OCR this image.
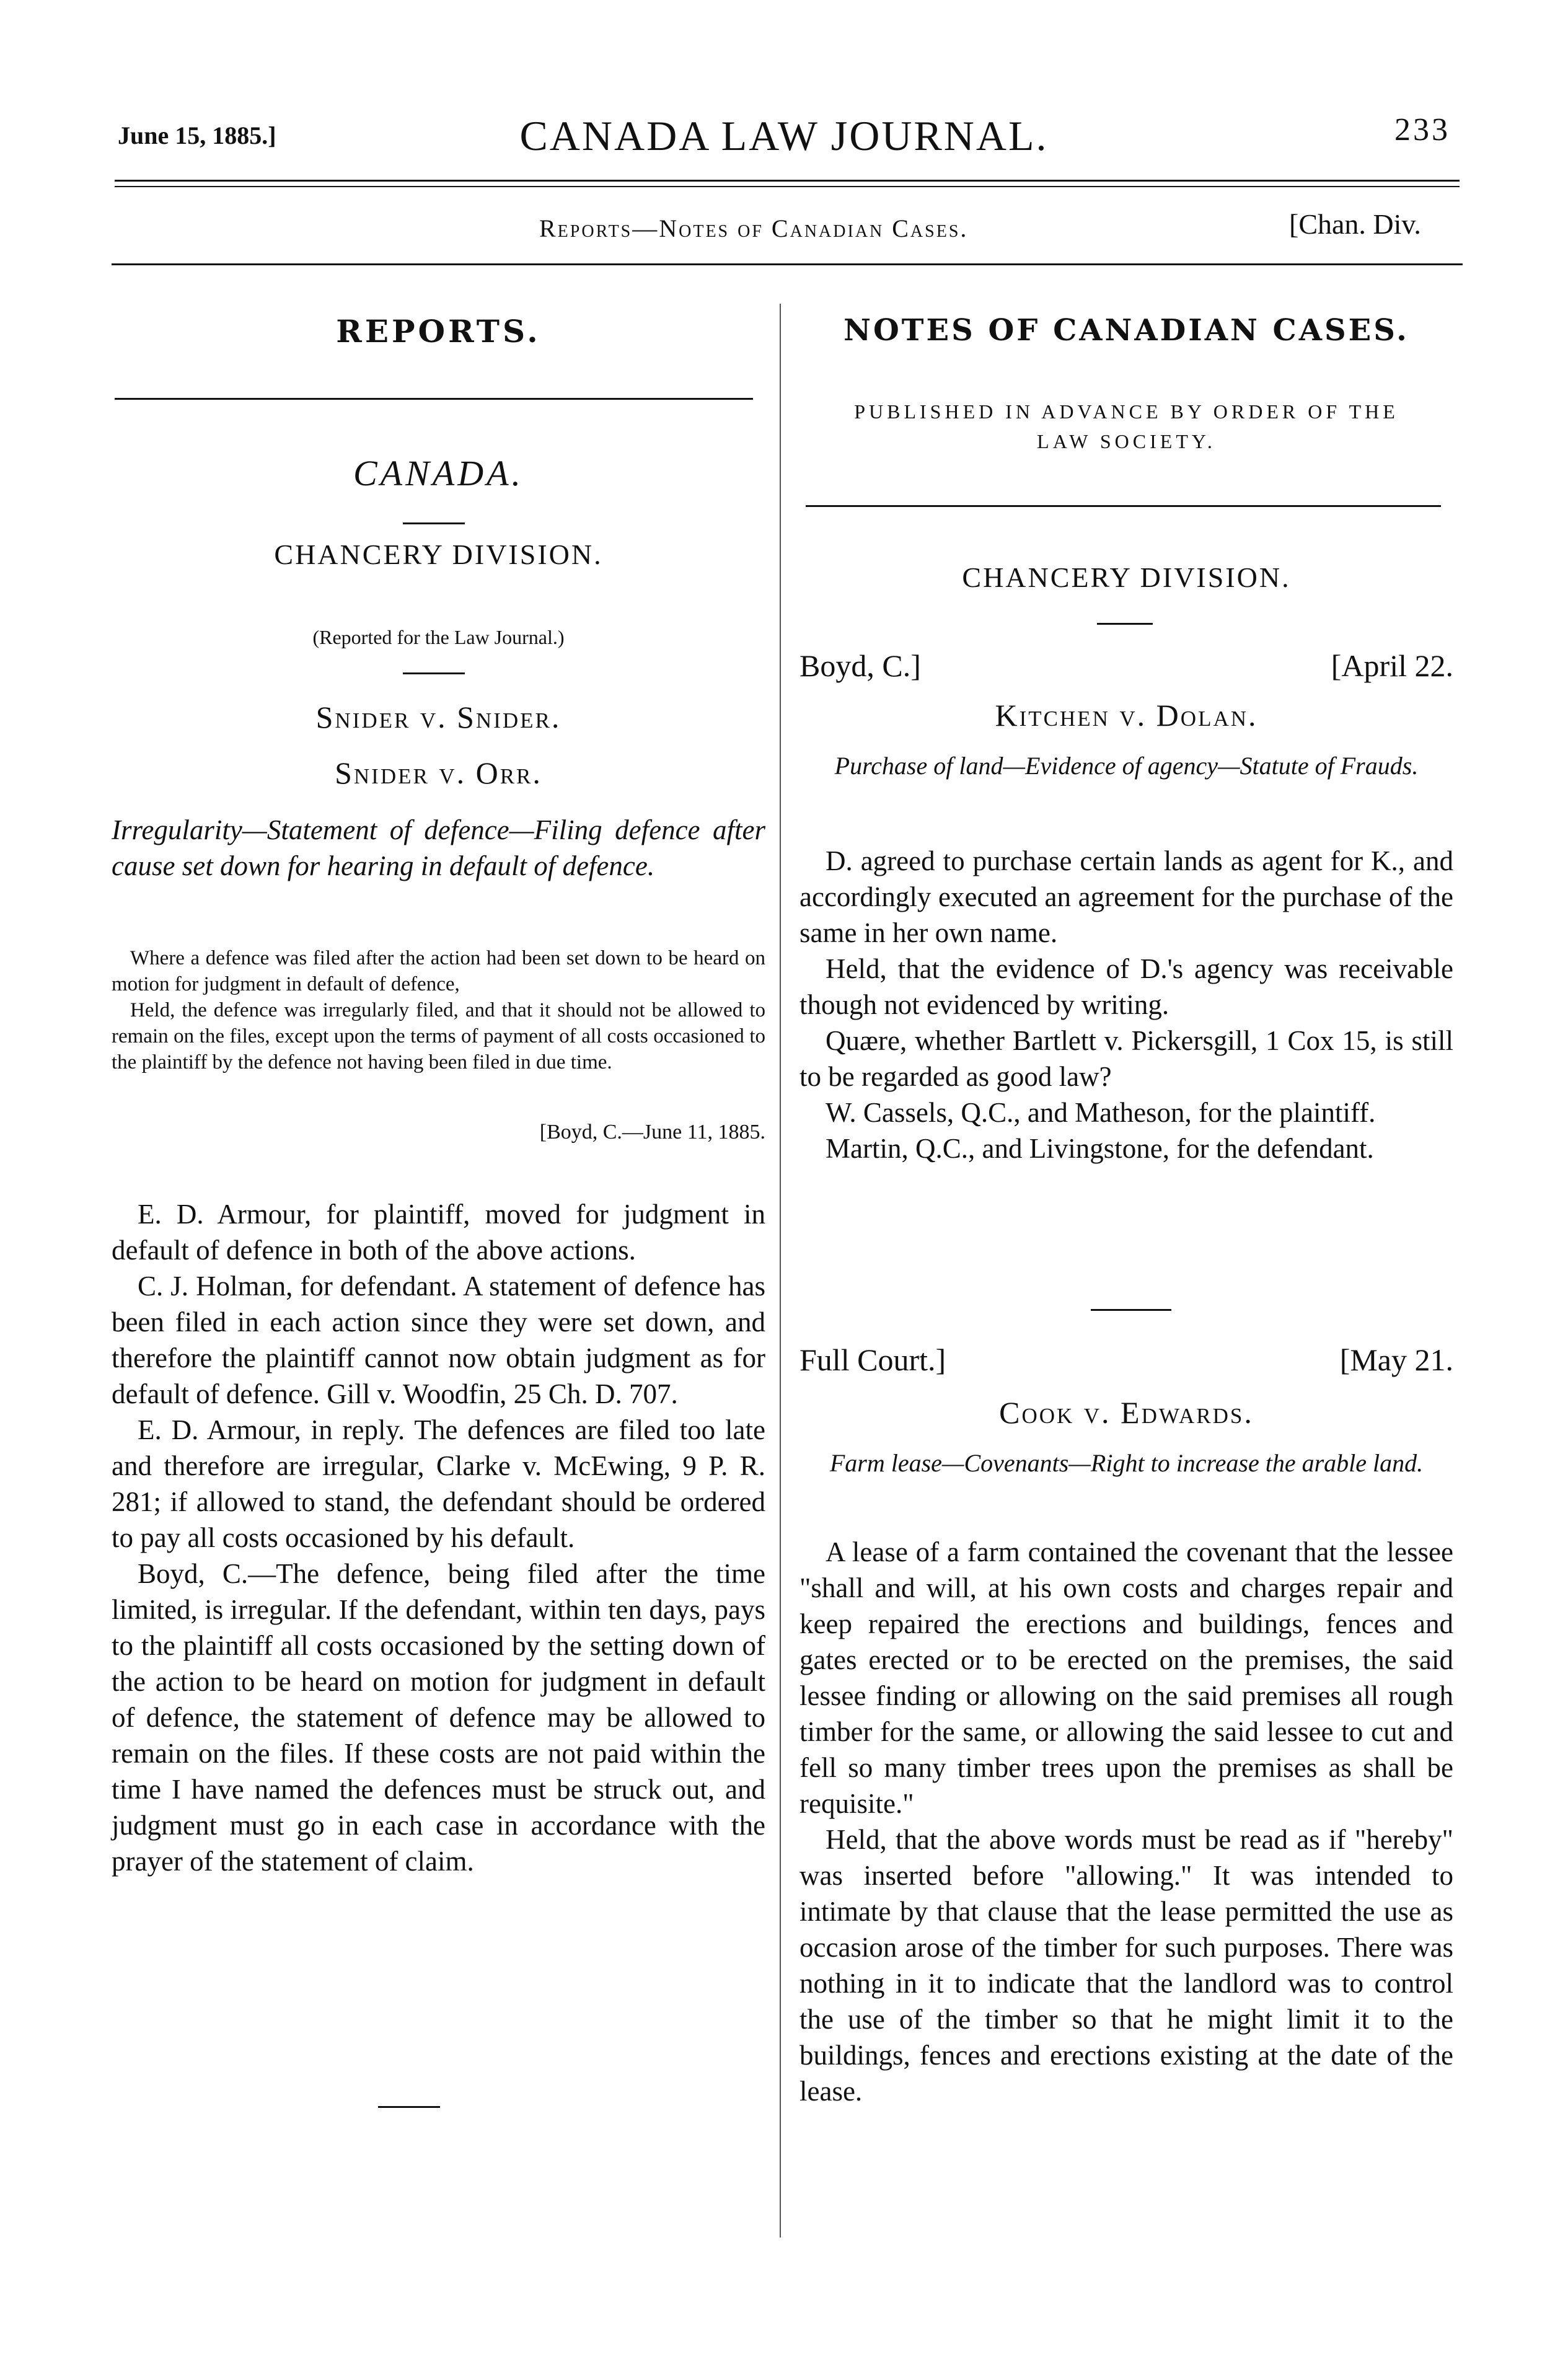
June 15, 1885.]	CANADA LAW JOURNAL.	233
Reports—Notes of Canadian Cases.	[Chan. Div.
REPORTS.
CANADA.
CHANCERY DIVISION.
(Reported for the Law Journal.)
Snider v. Snider.
Snider v. Orr.

Irregularity—Statement of defence—Filing defence after cause set down for hearing in default of defence.

Where a defence was filed after the action had been set down to be heard on motion for judgment in default of defence,

Held, the defence was irregularly filed, and that it should not be allowed to remain on the files, except upon the terms of payment of all costs occasioned to the plaintiff by the defence not having been filed in due time.

[Boyd, C.—June 11, 1885.

E. D. Armour, for plaintiff, moved for judgment in default of defence in both of the above actions.

C. J. Holman, for defendant. A statement of defence has been filed in each action since they were set down, and therefore the plaintiff cannot now obtain judgment as for default of defence. Gill v. Woodfin, 25 Ch. D. 707.

E. D. Armour, in reply. The defences are filed too late and therefore are irregular, Clarke v. McEwing, 9 P. R. 281; if allowed to stand, the defendant should be ordered to pay all costs occasioned by his default.

Boyd, C.—The defence, being filed after the time limited, is irregular. If the defendant, within ten days, pays to the plaintiff all costs occasioned by the setting down of the action to be heard on motion for judgment in default of defence, the statement of defence may be allowed to remain on the files. If these costs are not paid within the time I have named the defences must be struck out, and judgment must go in each case in accordance with the prayer of the statement of claim.

NOTES OF CANADIAN CASES.
PUBLISHED IN ADVANCE BY ORDER OF THE
LAW SOCIETY.
CHANCERY DIVISION.
Boyd, C.]	[April 22.
Kitchen v. Dolan.

Purchase of land—Evidence of agency—Statute of Frauds.

D. agreed to purchase certain lands as agent for K., and accordingly executed an agreement for the purchase of the same in her own name.

Held, that the evidence of D.'s agency was receivable though not evidenced by writing.

Quære, whether Bartlett v. Pickersgill, 1 Cox 15, is still to be regarded as good law?

W. Cassels, Q.C., and Matheson, for the plaintiff.

Martin, Q.C., and Livingstone, for the defendant.

Full Court.]	[May 21.
Cook v. Edwards.

Farm lease—Covenants—Right to increase the arable land.

A lease of a farm contained the covenant that the lessee "shall and will, at his own costs and charges repair and keep repaired the erections and buildings, fences and gates erected or to be erected on the premises, the said lessee finding or allowing on the said premises all rough timber for the same, or allowing the said lessee to cut and fell so many timber trees upon the premises as shall be requisite."

Held, that the above words must be read as if "hereby" was inserted before "allowing." It was intended to intimate by that clause that the lease permitted the use as occasion arose of the timber for such purposes. There was nothing in it to indicate that the landlord was to control the use of the timber so that he might limit it to the buildings, fences and erections existing at the date of the lease.
